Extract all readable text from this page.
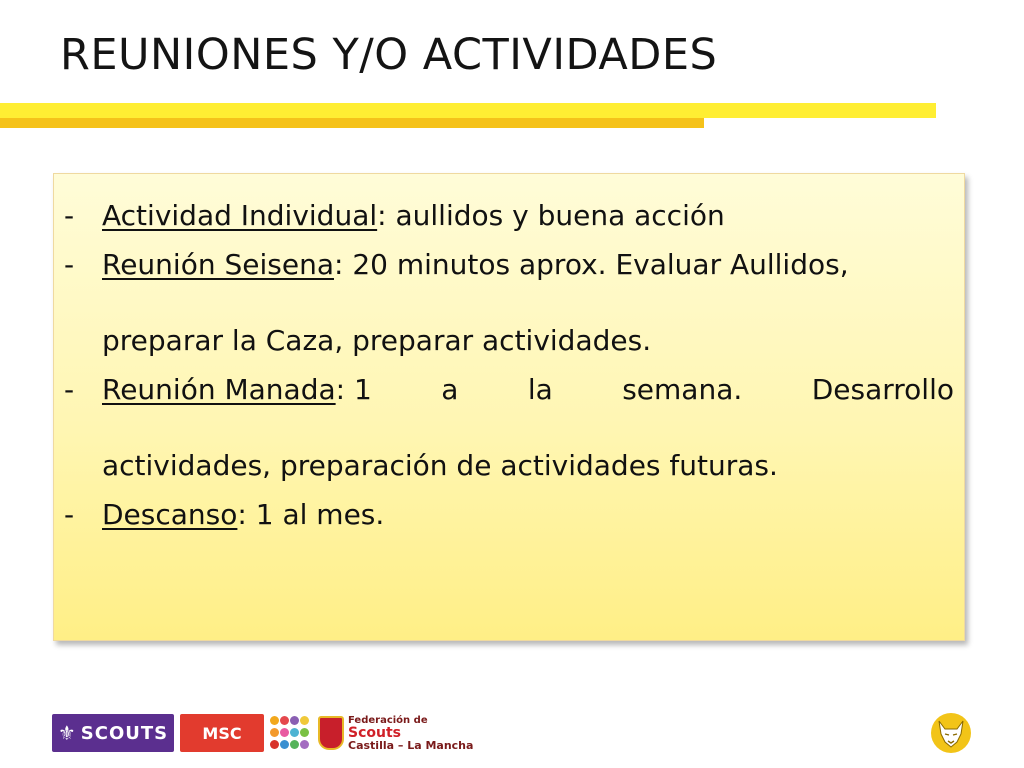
REUNIONES Y/O ACTIVIDADES
- Actividad Individual: aullidos y buena acción
- Reunión Seisena: 20 minutos aprox. Evaluar Aullidos,
preparar la Caza, preparar actividades.
- Reunión Manada: 1 a la semana. Desarrollo
actividades, preparación de actividades futuras.
- Descanso: 1 al mes.
⚜ SCOUTS MSC
Federación de
Scouts
Castilla – La Mancha
